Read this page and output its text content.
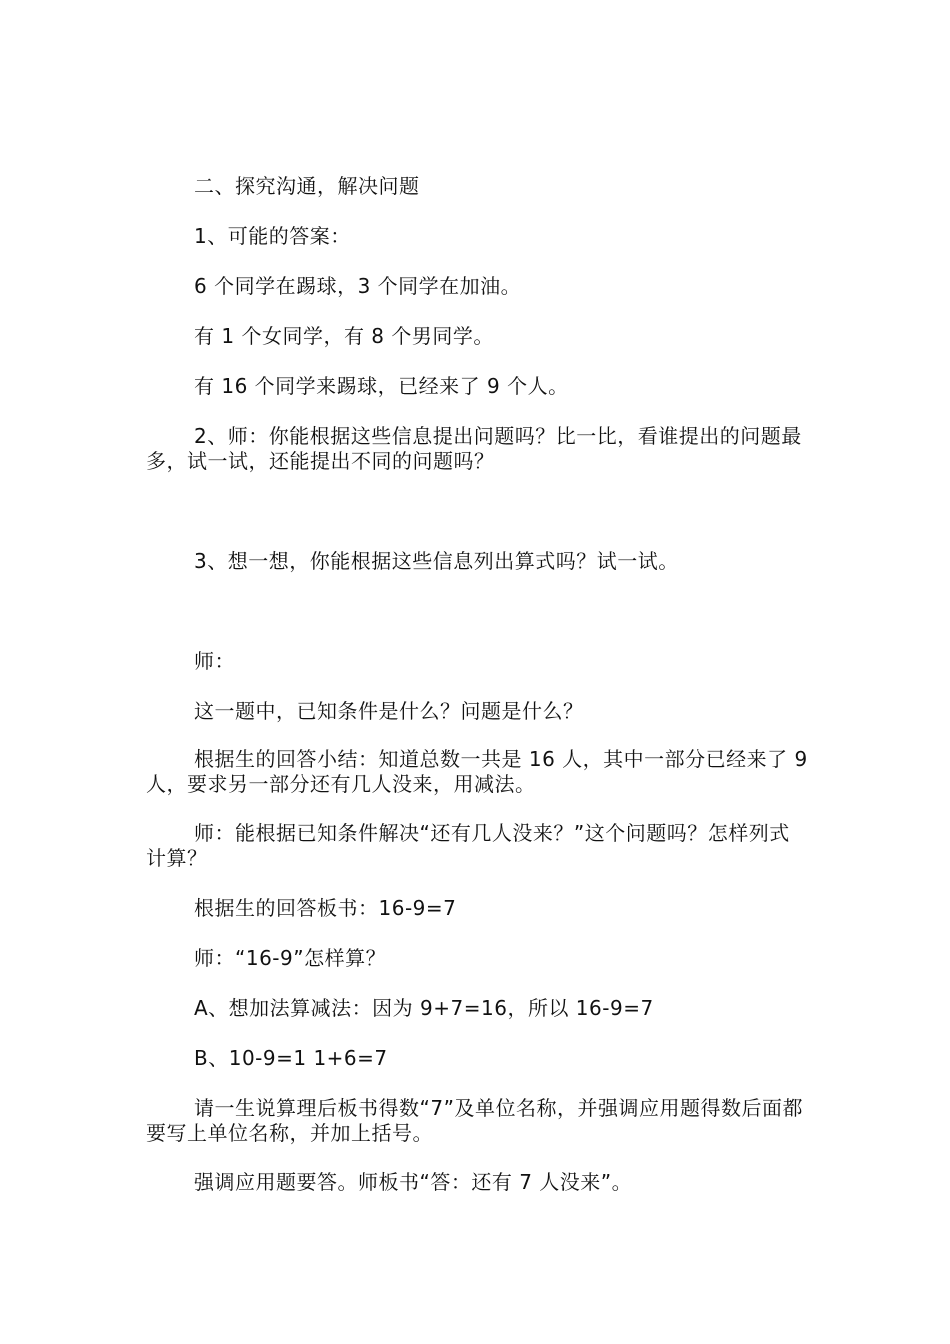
二、探究沟通，解决问题
1、可能的答案：
6 个同学在踢球，3 个同学在加油。
有 1 个女同学，有 8 个男同学。
有 16 个同学来踢球，已经来了 9 个人。
2、师：你能根据这些信息提出问题吗？比一比，看谁提出的问题最多，试一试，还能提出不同的问题吗？
3、想一想，你能根据这些信息列出算式吗？试一试。
师：
这一题中，已知条件是什么？问题是什么？
根据生的回答小结：知道总数一共是 16 人，其中一部分已经来了 9 人，要求另一部分还有几人没来，用减法。
师：能根据已知条件解决“还有几人没来？”这个问题吗？怎样列式计算？
根据生的回答板书：16-9=7
师：“16-9”怎样算？
A、想加法算减法：因为 9+7=16，所以 16-9=7
B、10-9=1 1+6=7
请一生说算理后板书得数“7”及单位名称，并强调应用题得数后面都要写上单位名称，并加上括号。
强调应用题要答。师板书“答：还有 7 人没来”。
